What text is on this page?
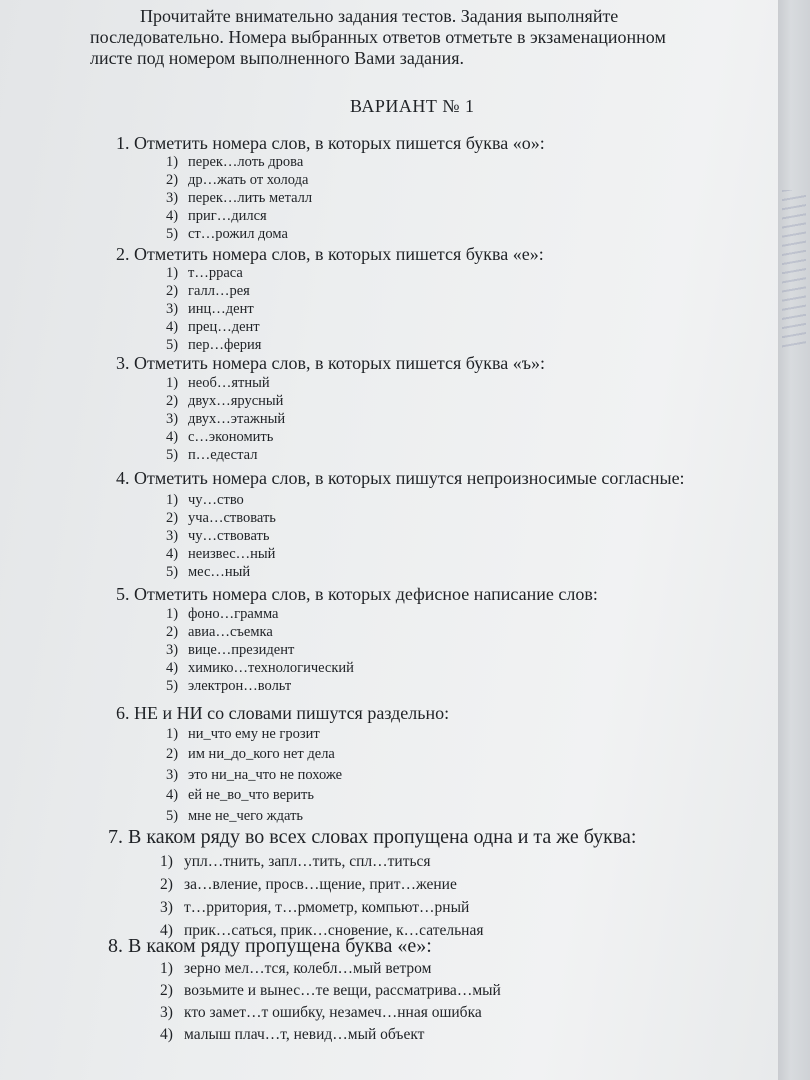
Прочитайте внимательно задания тестов. Задания выполняйте последовательно. Номера выбранных ответов отметьте в экзаменационном листе под номером выполненного Вами задания.
ВАРИАНТ № 1
1. Отметить номера слов, в которых пишется буква «о»:
1) перек…лоть дрова
2) др…жать от холода
3) перек…лить металл
4) приг…дился
5) ст…рожил дома
2. Отметить номера слов, в которых пишется буква «е»:
1) т…ррaса
2) галл…рея
3) инц…дент
4) прец…дент
5) пер…ферия
3. Отметить номера слов, в которых пишется буква «ъ»:
1) необ…ятный
2) двух…ярусный
3) двух…этажный
4) с…экономить
5) п…едестал
4. Отметить номера слов, в которых пишутся непроизносимые согласные:
1) чу…ство
2) уча…ствовать
3) чу…ствовать
4) неизвес…ный
5) мес…ный
5. Отметить номера слов, в которых дефисное написание слов:
1) фоно…грамма
2) авиа…съемка
3) вице…президент
4) химико…технологический
5) электрон…вольт
6. НЕ и НИ со словами пишутся раздельно:
1) ни_что ему не грозит
2) им ни_до_кого нет дела
3) это ни_на_что не похоже
4) ей не_во_что верить
5) мне не_чего ждать
7. В каком ряду во всех словах пропущена одна и та же буква:
1) упл…тнить, запл…тить, спл…титься
2) за…вление, просв…щение, прит…жение
3) т…рритория, т…рмометр, компьют…рный
4) прик…саться, прик…сновение, к…сательная
8. В каком ряду пропущена буква «е»:
1) зерно мел…тся, колебл…мый ветром
2) возьмите и вынес…те вещи, рассматрива…мый
3) кто замет…т ошибку, незамеч…нная ошибка
4) малыш плач…т, невид…мый объект
